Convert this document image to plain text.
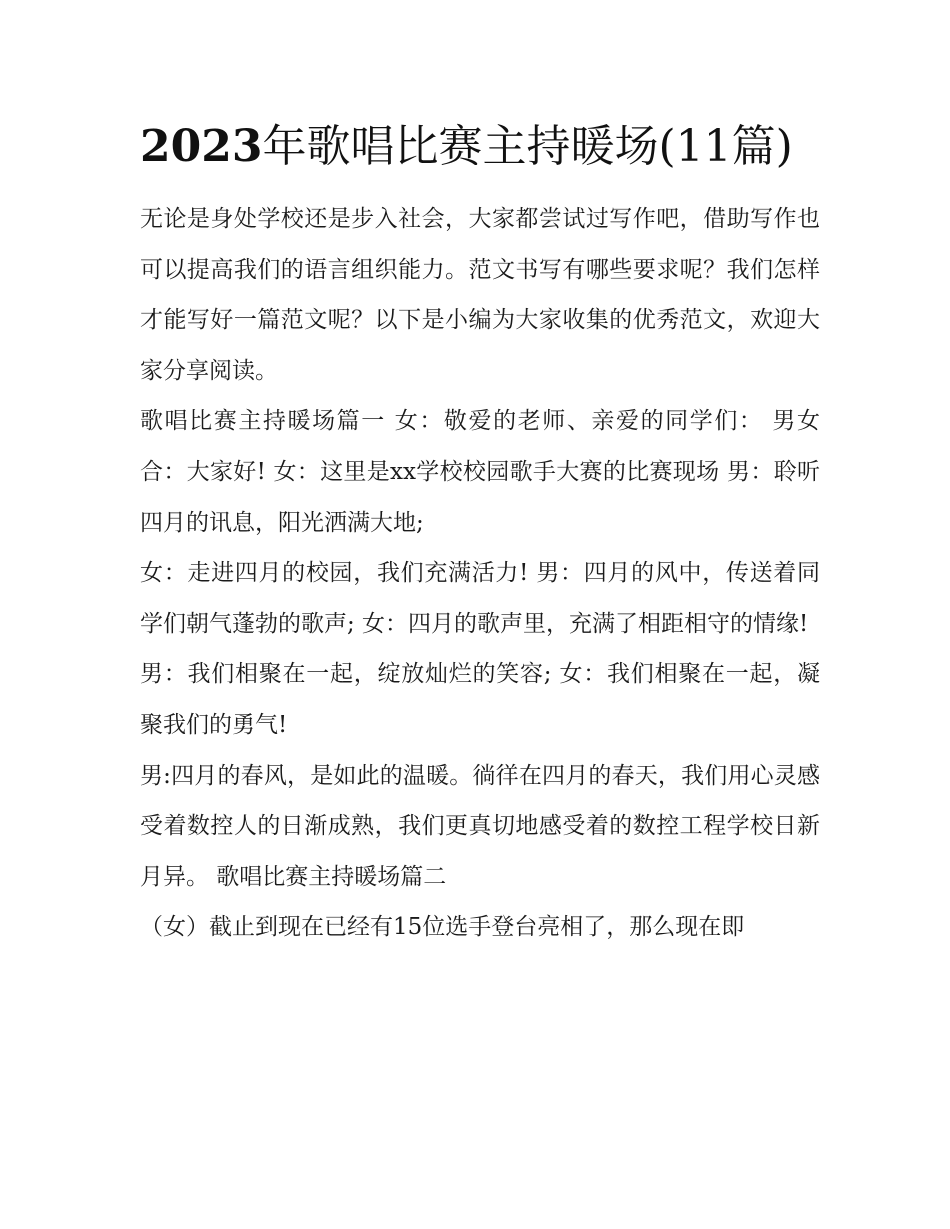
2023年歌唱比赛主持暖场(11篇)

无论是身处学校还是步入社会，大家都尝试过写作吧，借助写作也可以提高我们的语言组织能力。范文书写有哪些要求呢？我们怎样才能写好一篇范文呢？以下是小编为大家收集的优秀范文，欢迎大家分享阅读。

歌唱比赛主持暖场篇一 女：敬爱的老师、亲爱的同学们： 男女合：大家好! 女：这里是xx学校校园歌手大赛的比赛现场 男：聆听四月的讯息，阳光洒满大地;

女：走进四月的校园，我们充满活力! 男：四月的风中，传送着同学们朝气蓬勃的歌声; 女：四月的歌声里，充满了相距相守的情缘!

男：我们相聚在一起，绽放灿烂的笑容; 女：我们相聚在一起，凝聚我们的勇气!

男:四月的春风，是如此的温暖。徜徉在四月的春天，我们用心灵感受着数控人的日渐成熟，我们更真切地感受着的数控工程学校日新月异。 歌唱比赛主持暖场篇二

（女）截止到现在已经有15位选手登台亮相了，那么现在即
